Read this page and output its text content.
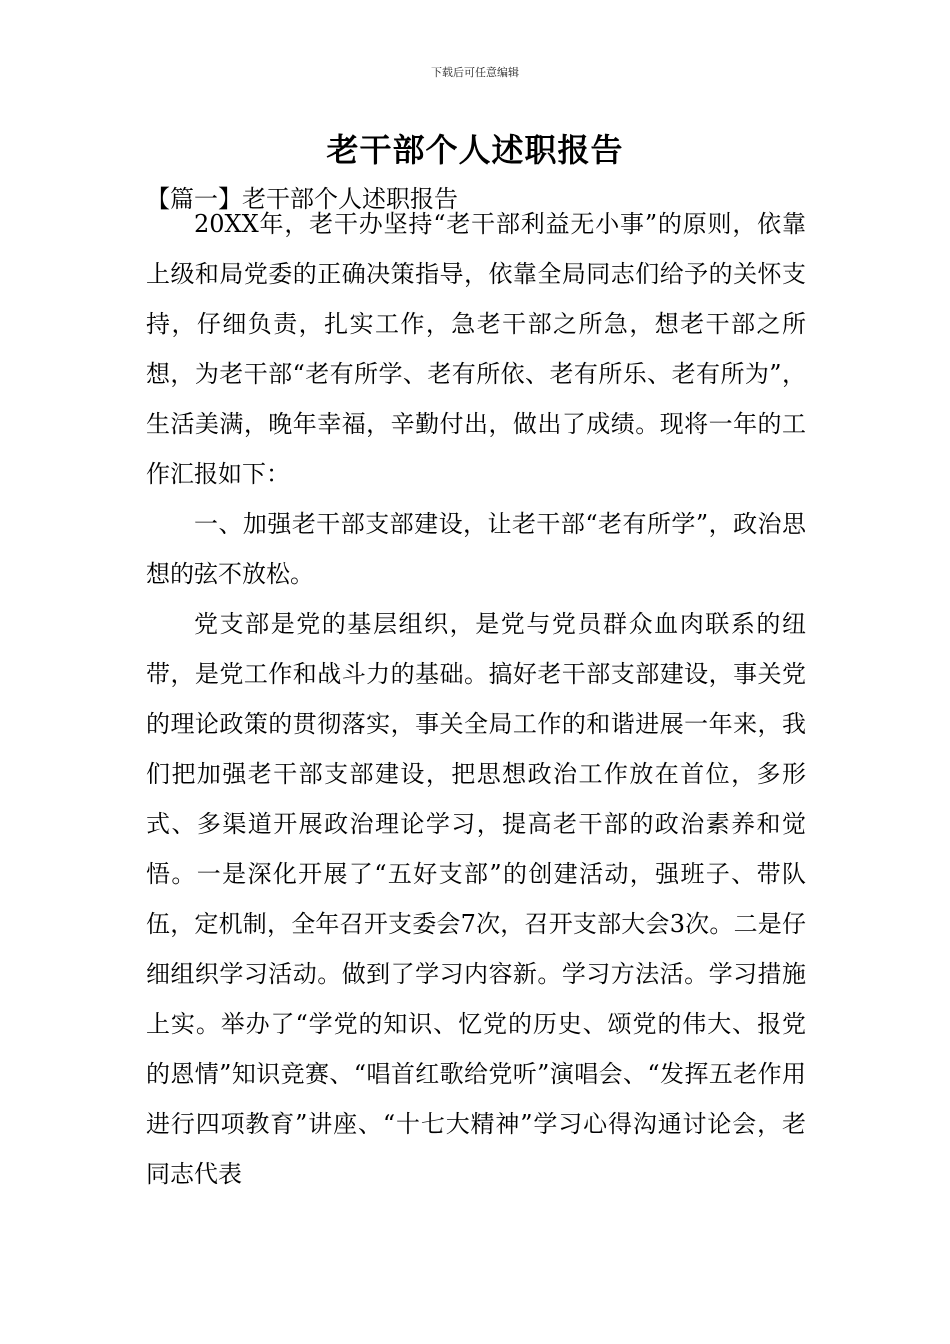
下载后可任意编辑
老干部个人述职报告
【篇一】老干部个人述职报告

20XX年，老干办坚持“老干部利益无小事”的原则，依靠上级和局党委的正确决策指导，依靠全局同志们给予的关怀支持，仔细负责，扎实工作，急老干部之所急，想老干部之所想，为老干部“老有所学、老有所依、老有所乐、老有所为”，生活美满，晚年幸福，辛勤付出，做出了成绩。现将一年的工作汇报如下：

一、加强老干部支部建设，让老干部“老有所学”，政治思想的弦不放松。

党支部是党的基层组织，是党与党员群众血肉联系的纽带，是党工作和战斗力的基础。搞好老干部支部建设，事关党的理论政策的贯彻落实，事关全局工作的和谐进展一年来，我们把加强老干部支部建设，把思想政治工作放在首位，多形式、多渠道开展政治理论学习，提高老干部的政治素养和觉悟。一是深化开展了“五好支部”的创建活动，强班子、带队伍，定机制，全年召开支委会7次，召开支部大会3次。二是仔细组织学习活动。做到了学习内容新。学习方法活。学习措施上实。举办了“学党的知识、忆党的历史、颂党的伟大、报党的恩情”知识竞赛、“唱首红歌给党听”演唱会、“发挥五老作用进行四项教育”讲座、“十七大精神”学习心得沟通讨论会，老同志代表
